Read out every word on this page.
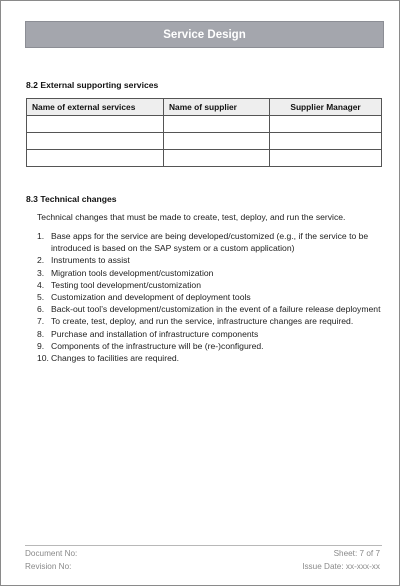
Service Design
8.2 External supporting services
Name of external services	Name of supplier	Supplier Manager

8.3 Technical changes
Technical changes that must be made to create, test, deploy, and run the service.
1. Base apps for the service are being developed/customized (e.g., if the service to be introduced is based on the SAP system or a custom application)
2. Instruments to assist
3. Migration tools development/customization
4. Testing tool development/customization
5. Customization and development of deployment tools
6. Back-out tool’s development/customization in the event of a failure release deployment
7. To create, test, deploy, and run the service, infrastructure changes are required.
8. Purchase and installation of infrastructure components
9. Components of the infrastructure will be (re-)configured.
10. Changes to facilities are required.
Document No:
Revision No:
Sheet: 7 of 7
Issue Date: xx-xxx-xx
